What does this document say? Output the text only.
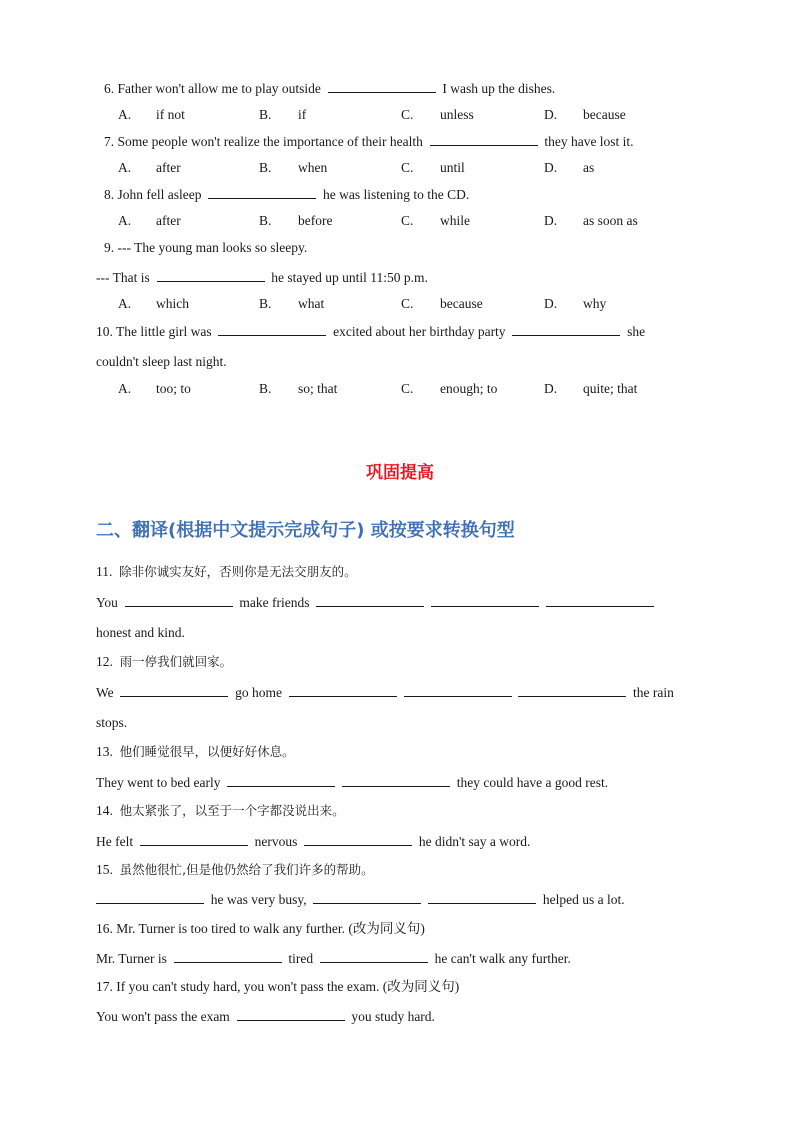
6. Father won't allow me to play outside	I wash up the dishes.
A. if not	B. if	C. unless	D. because
7. Some people won't realize the importance of their health	they have lost it.
A. after	B. when	C. until	D. as
8. John fell asleep	he was listening to the CD.
A. after	B. before	C. while	D. as soon as
9. --- The young man looks so sleepy.
--- That is	he stayed up until 11:50 p.m.
A. which	B. what	C. because	D. why
10. The little girl was	excited about her birthday party	she
couldn't sleep last night.
A. too; to	B. so; that	C. enough; to	D. quite; that
巩固提高
二、翻译(根据中文提示完成句子) 或按要求转换句型
11. 除非你诚实友好，否则你是无法交朋友的。
You	make friends
honest and kind.
12. 雨一停我们就回家。
We	go home	the rain
stops.
13. 他们睡觉很早，以便好好休息。
They went to bed early	they could have a good rest.
14. 他太紧张了，以至于一个字都没说出来。
He felt	nervous	he didn't say a word.
15. 虽然他很忙,但是他仍然给了我们许多的帮助。
he was very busy,	helped us a lot.
16. Mr. Turner is too tired to walk any further. (改为同义句)
Mr. Turner is	tired	he can't walk any further.
17. If you can't study hard, you won't pass the exam. (改为同义句)
You won't pass the exam	you study hard.
